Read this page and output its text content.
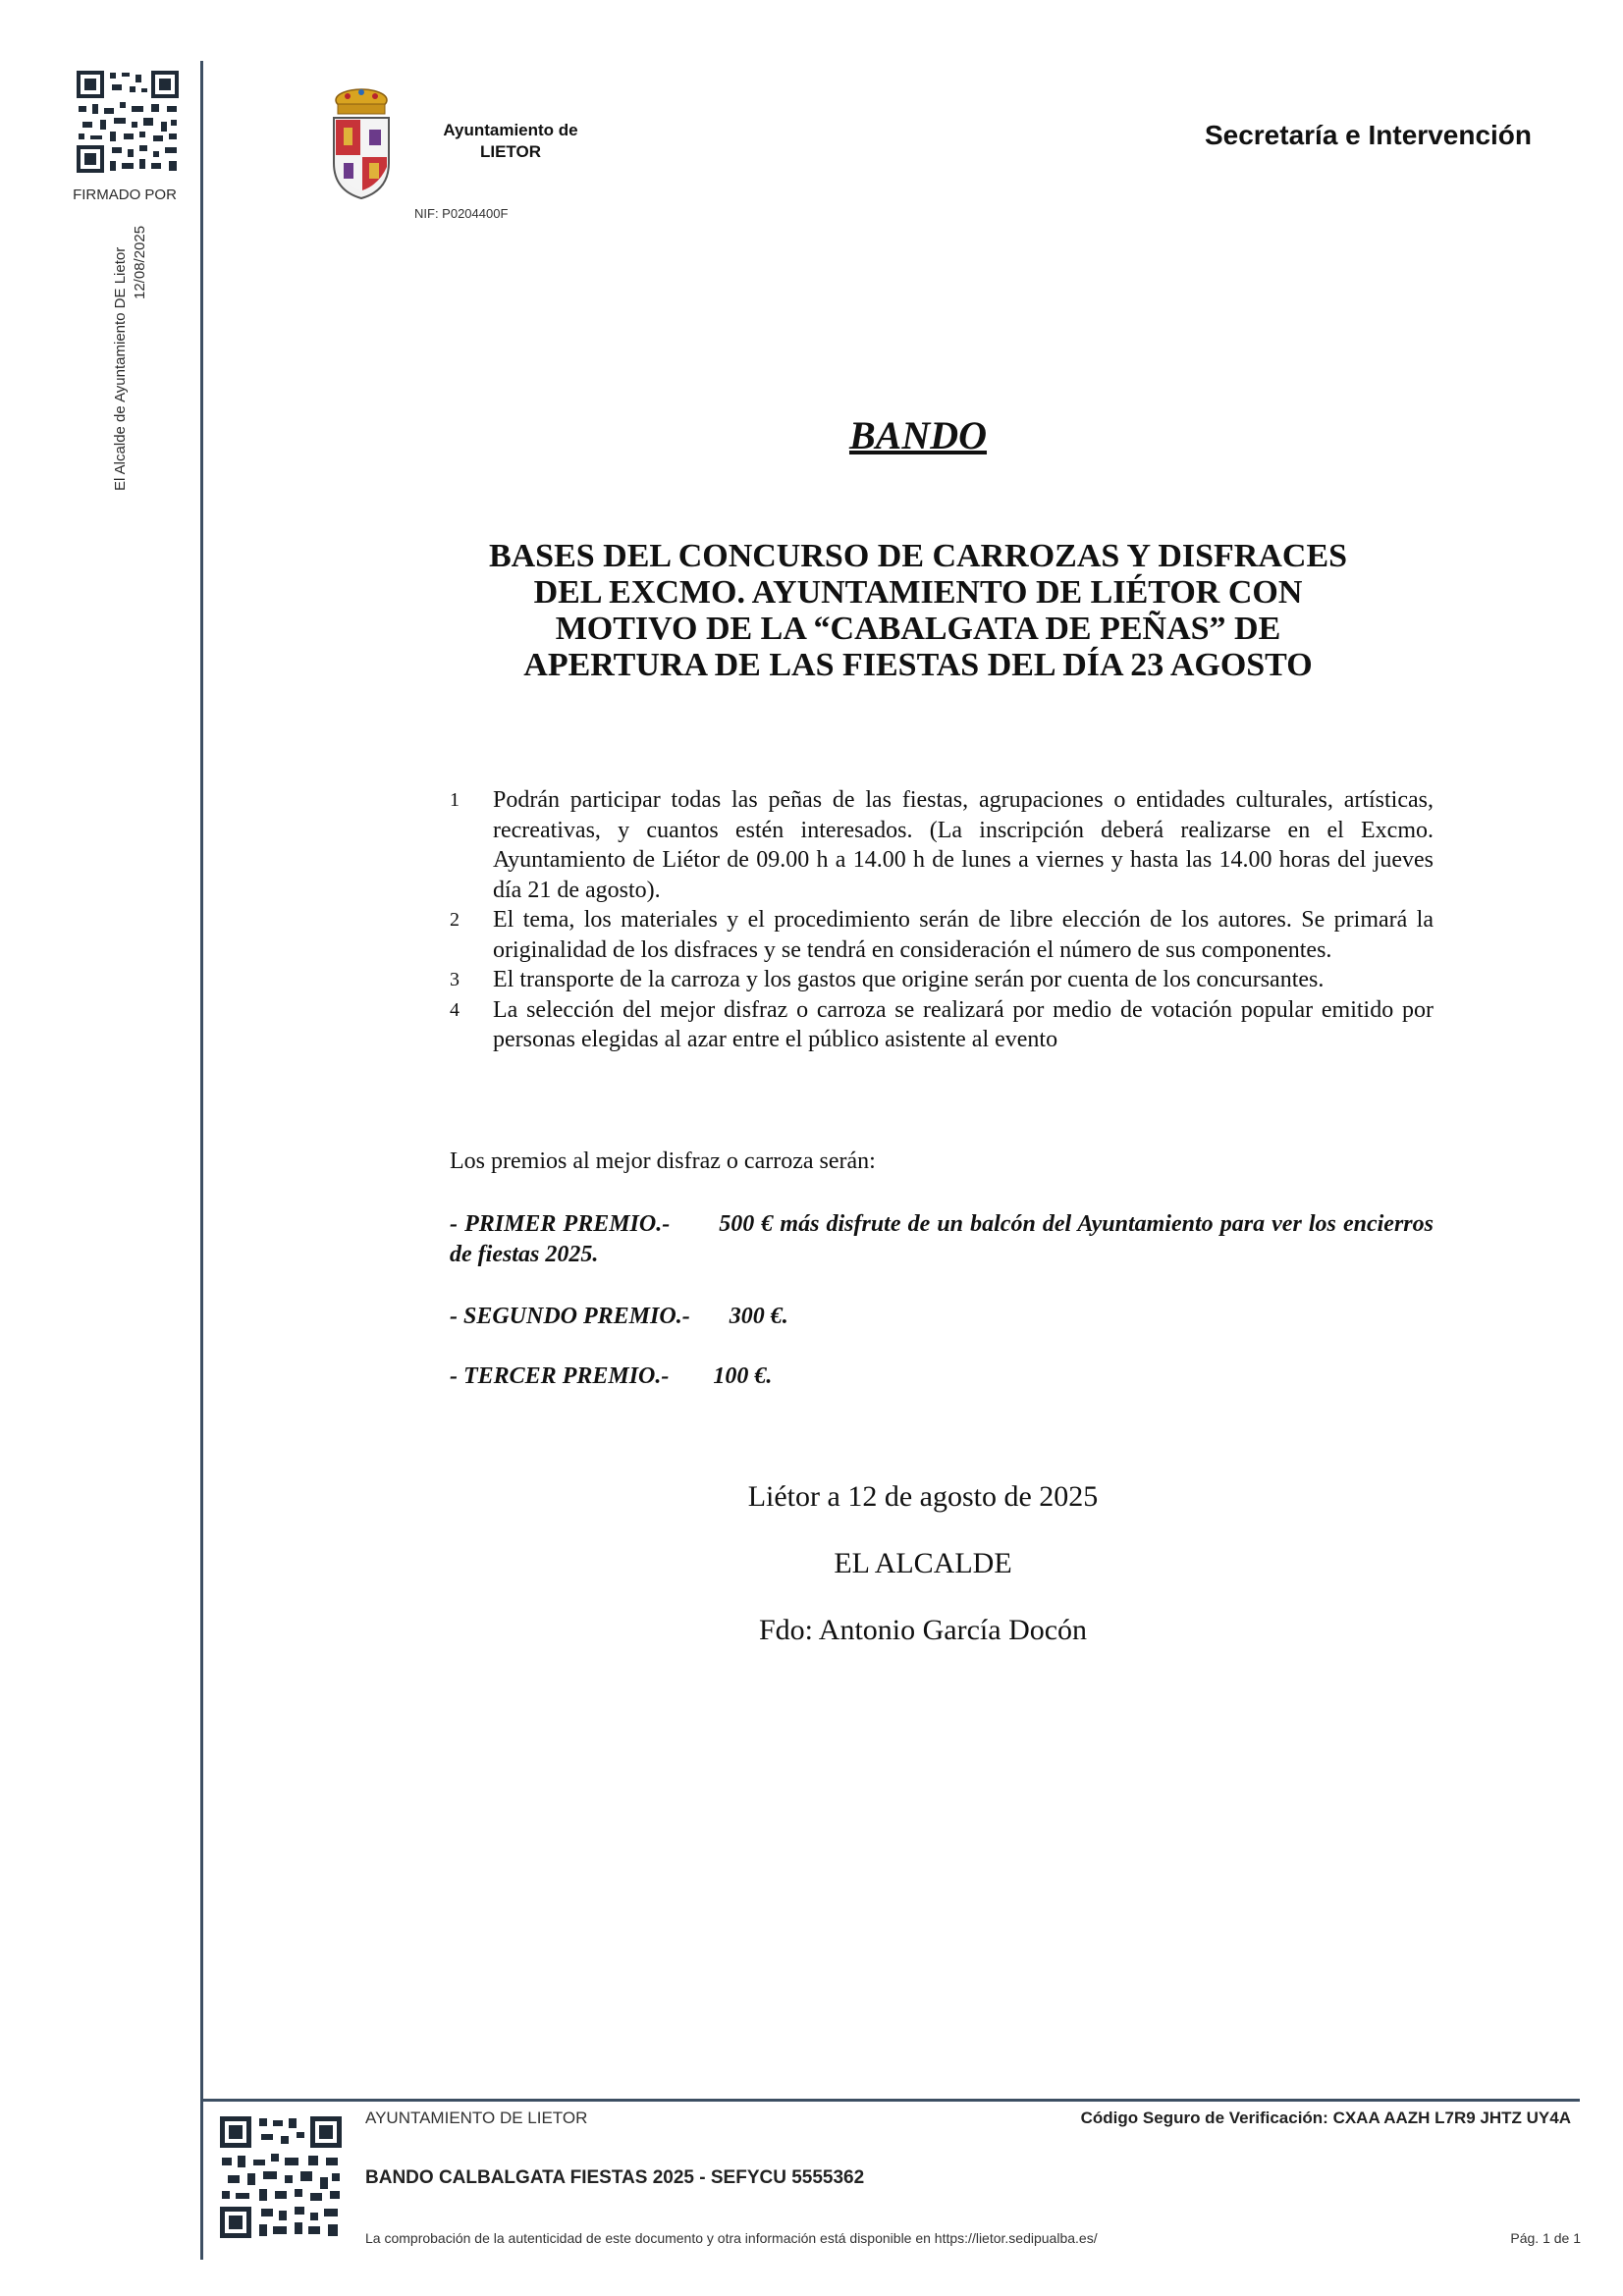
FIRMADO POR
El Alcalde de Ayuntamiento DE Lietor 12/08/2025
Ayuntamiento de
LIETOR
NIF: P0204400F
Secretaría e Intervención
BANDO
BASES DEL CONCURSO DE CARROZAS Y DISFRACES
DEL EXCMO. AYUNTAMIENTO DE LIÉTOR CON
MOTIVO DE LA “CABALGATA DE PEÑAS” DE
APERTURA DE LAS FIESTAS DEL DÍA 23 AGOSTO
1	Podrán participar todas las peñas de las fiestas, agrupaciones o entidades culturales, artísticas, recreativas, y cuantos estén interesados. (La inscripción deberá realizarse en el Excmo. Ayuntamiento de Liétor de 09.00 h a 14.00 h de lunes a viernes y hasta las 14.00 horas del jueves día 21 de agosto).
2	El tema, los materiales y el procedimiento serán de libre elección de los autores. Se primará la originalidad de los disfraces y se tendrá en consideración el número de sus componentes.
3	El transporte de la carroza y los gastos que origine serán por cuenta de los concursantes.
4	La selección del mejor disfraz o carroza se realizará por medio de votación popular emitido por personas elegidas al azar entre el público asistente al evento
Los premios al mejor disfraz o carroza serán:
- PRIMER PREMIO.- 500 € más disfrute de un balcón del Ayuntamiento para ver los encierros de fiestas 2025.
- SEGUNDO PREMIO.- 300 €.
- TERCER PREMIO.- 100 €.
Liétor a 12 de agosto de 2025
EL ALCALDE
Fdo: Antonio García Docón
AYUNTAMIENTO DE LIETOR	Código Seguro de Verificación: CXAA AAZH L7R9 JHTZ UY4A
BANDO CALBALGATA FIESTAS 2025 - SEFYCU 5555362
La comprobación de la autenticidad de este documento y otra información está disponible en https://lietor.sedipualba.es/	Pág. 1 de 1
